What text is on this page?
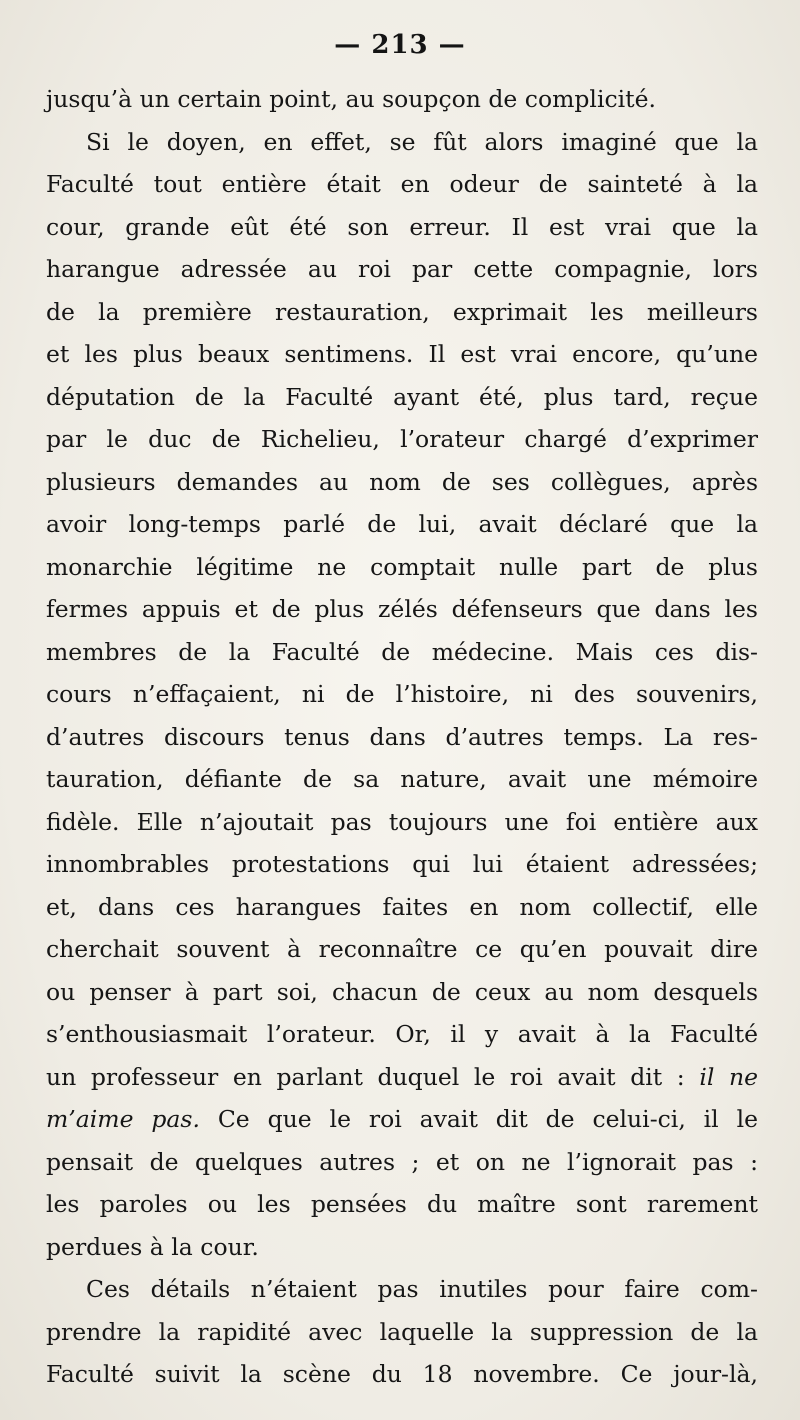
— 213 —
jusqu’à un certain point, au soupçon de complicité.
Si le doyen, en effet, se fût alors imaginé que la
Faculté tout entière était en odeur de sainteté à la
cour, grande eût été son erreur. Il est vrai que la
harangue adressée au roi par cette compagnie, lors
de la première restauration, exprimait les meilleurs
et les plus beaux sentimens. Il est vrai encore, qu’une
députation de la Faculté ayant été, plus tard, reçue
par le duc de Richelieu, l’orateur chargé d’exprimer
plusieurs demandes au nom de ses collègues, après
avoir long-temps parlé de lui, avait déclaré que la
monarchie légitime ne comptait nulle part de plus
fermes appuis et de plus zélés défenseurs que dans les
membres de la Faculté de médecine. Mais ces dis-
cours n’effaçaient, ni de l’histoire, ni des souvenirs,
d’autres discours tenus dans d’autres temps. La res-
tauration, défiante de sa nature, avait une mémoire
fidèle. Elle n’ajoutait pas toujours une foi entière aux
innombrables protestations qui lui étaient adressées;
et, dans ces harangues faites en nom collectif, elle
cherchait souvent à reconnaître ce qu’en pouvait dire
ou penser à part soi, chacun de ceux au nom desquels
s’enthousiasmait l’orateur. Or, il y avait à la Faculté
un professeur en parlant duquel le roi avait dit : il ne
m’aime pas. Ce que le roi avait dit de celui-ci, il le
pensait de quelques autres ; et on ne l’ignorait pas :
les paroles ou les pensées du maître sont rarement
perdues à la cour.
Ces détails n’étaient pas inutiles pour faire com-
prendre la rapidité avec laquelle la suppression de la
Faculté suivit la scène du 18 novembre. Ce jour-là,
